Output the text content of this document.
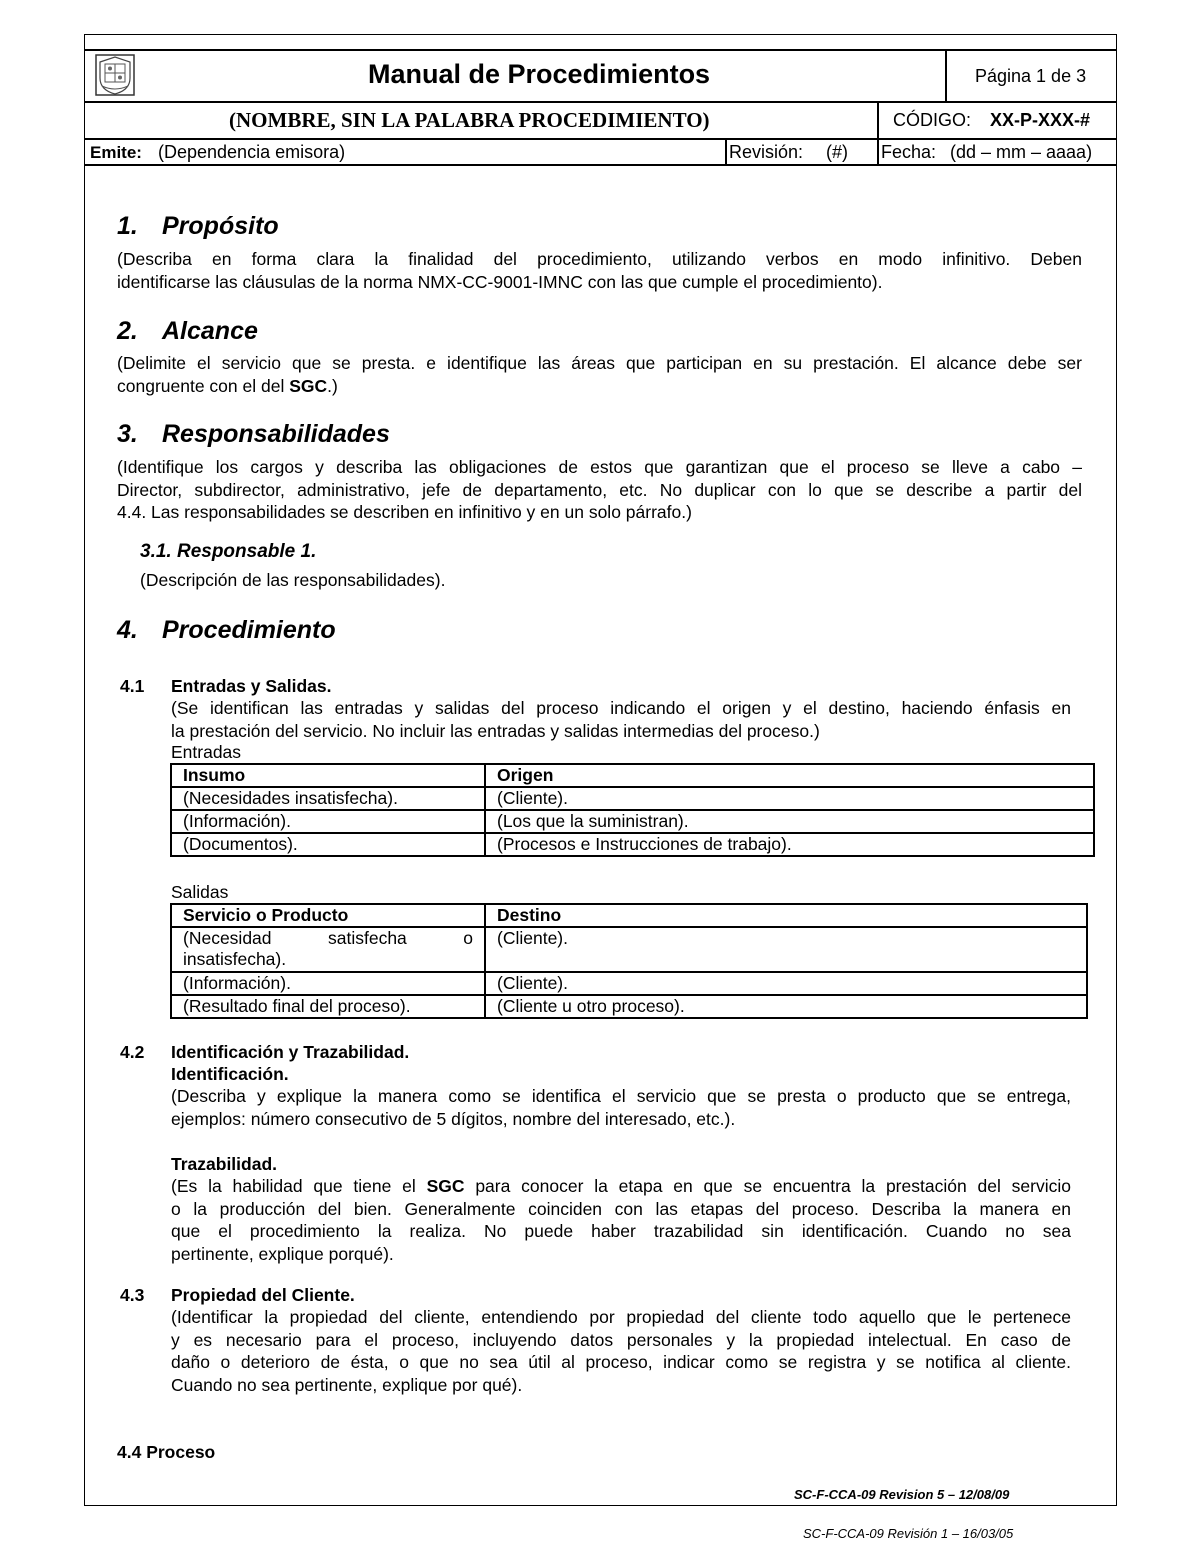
Manual de Procedimientos	Página 1 de 3
(NOMBRE, SIN LA PALABRA PROCEDIMIENTO)	CÓDIGO: XX-P-XXX-#
Emite: (Dependencia emisora)	Revisión: (#) Fecha: (dd – mm – aaaa)
1. Propósito
(Describa en forma clara la finalidad del procedimiento, utilizando verbos en modo infinitivo. Deben
identificarse las cláusulas de la norma NMX-CC-9001-IMNC con las que cumple el procedimiento).
2. Alcance
(Delimite el servicio que se presta. e identifique las áreas que participan en su prestación. El alcance debe ser
congruente con el del SGC.)
3. Responsabilidades
(Identifique los cargos y describa las obligaciones de estos que garantizan que el proceso se lleve a cabo –
Director, subdirector, administrativo, jefe de departamento, etc. No duplicar con lo que se describe a partir del
4.4. Las responsabilidades se describen en infinitivo y en un solo párrafo.)
3.1. Responsable 1.
(Descripción de las responsabilidades).
4. Procedimiento
4.1 Entradas y Salidas.
(Se identifican las entradas y salidas del proceso indicando el origen y el destino, haciendo énfasis en
la prestación del servicio. No incluir las entradas y salidas intermedias del proceso.)
Entradas
Insumo	Origen
(Necesidades insatisfecha).	(Cliente).
(Información).	(Los que la suministran).
(Documentos).	(Procesos e Instrucciones de trabajo).
Salidas
Servicio o Producto	Destino
(Necesidad satisfecha o insatisfecha).	(Cliente).
(Información).	(Cliente).
(Resultado final del proceso).	(Cliente u otro proceso).
4.2 Identificación y Trazabilidad.
Identificación.
(Describa y explique la manera como se identifica el servicio que se presta o producto que se entrega,
ejemplos: número consecutivo de 5 dígitos, nombre del interesado, etc.).
Trazabilidad.
(Es la habilidad que tiene el SGC para conocer la etapa en que se encuentra la prestación del servicio
o la producción del bien. Generalmente coinciden con las etapas del proceso. Describa la manera en
que el procedimiento la realiza. No puede haber trazabilidad sin identificación. Cuando no sea
pertinente, explique porqué).
4.3 Propiedad del Cliente.
(Identificar la propiedad del cliente, entendiendo por propiedad del cliente todo aquello que le pertenece
y es necesario para el proceso, incluyendo datos personales y la propiedad intelectual. En caso de
daño o deterioro de ésta, o que no sea útil al proceso, indicar como se registra y se notifica al cliente.
Cuando no sea pertinente, explique por qué).
4.4 Proceso
SC-F-CCA-09 Revision 5 – 12/08/09
SC-F-CCA-09 Revisión 1 – 16/03/05
